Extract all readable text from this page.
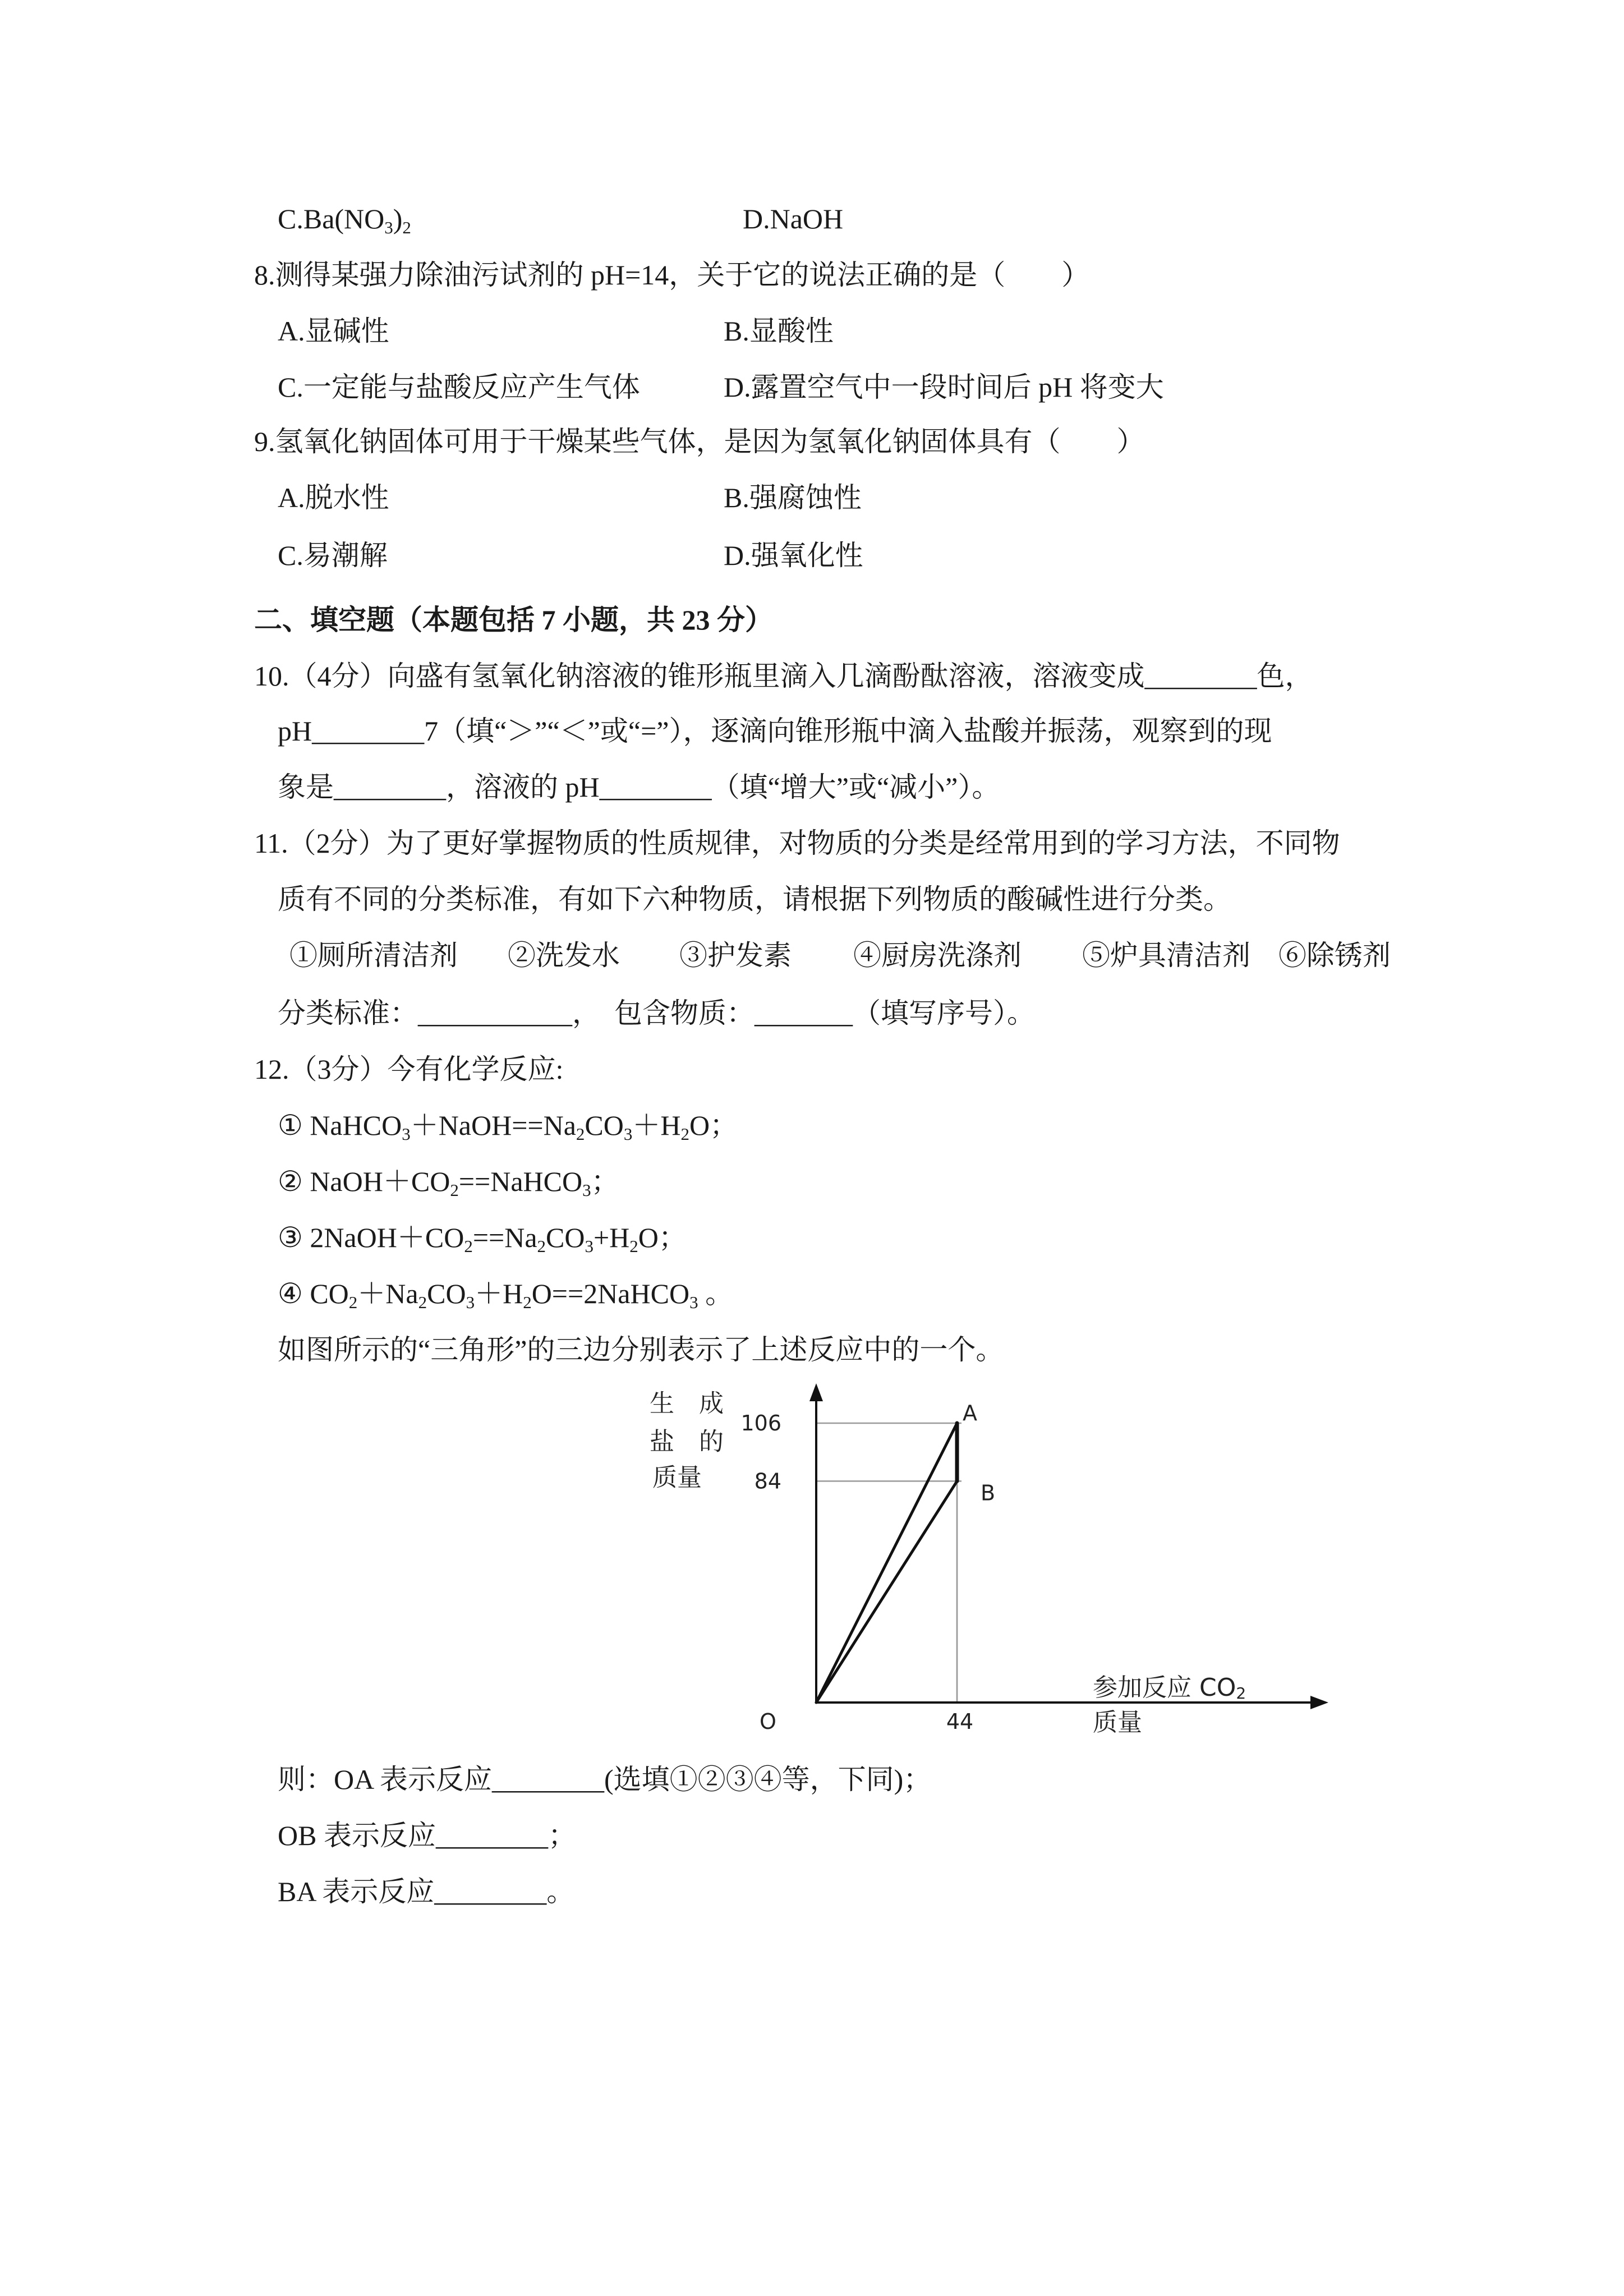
$C.Ba(NO_3)_2$	D.NaOH
8.测得某强力除油污试剂的 pH=14，关于它的说法正确的是（　　）
A.显碱性	B.显酸性
C.一定能与盐酸反应产生气体	D.露置空气中一段时间后 pH 将变大
9.氢氧化钠固体可用于干燥某些气体，是因为氢氧化钠固体具有（　　）
A.脱水性	B.强腐蚀性
C.易潮解	D.强氧化性
二、填空题（本题包括 7 小题，共 23 分）
10.（4分）向盛有氢氧化钠溶液的锥形瓶里滴入几滴酚酞溶液，溶液变成________色，
pH________7（填“＞”“＜”或“=”），逐滴向锥形瓶中滴入盐酸并振荡，观察到的现
象是________，溶液的 pH________（填“增大”或“减小”）。
11.（2分）为了更好掌握物质的性质规律，对物质的分类是经常用到的学习方法，不同物
质有不同的分类标准，有如下六种物质，请根据下列物质的酸碱性进行分类。
①厕所清洁剂 ②洗发水 ③护发素 ④厨房洗涤剂 ⑤炉具清洁剂 ⑥除锈剂
分类标准：___________，　包含物质：_______（填写序号）。
12.（3分）今有化学反应:
① $NaHCO_3+NaOH==Na_2CO_3+H_2O$；
② $NaOH+CO_2==NaHCO_3$；
③ $2NaOH+CO_2==Na_2CO_3+H_2O$；
④ $CO_2+Na_2CO_3+H_2O==2NaHCO_3$ 。
如图所示的“三角形”的三边分别表示了上述反应中的一个。
O
A
B
106
84
44
生　成
盐　的
质量
参加反应 $CO_2$
质量
则：OA 表示反应________(选填①②③④等，下同)；
OB 表示反应________；
BA 表示反应________。
